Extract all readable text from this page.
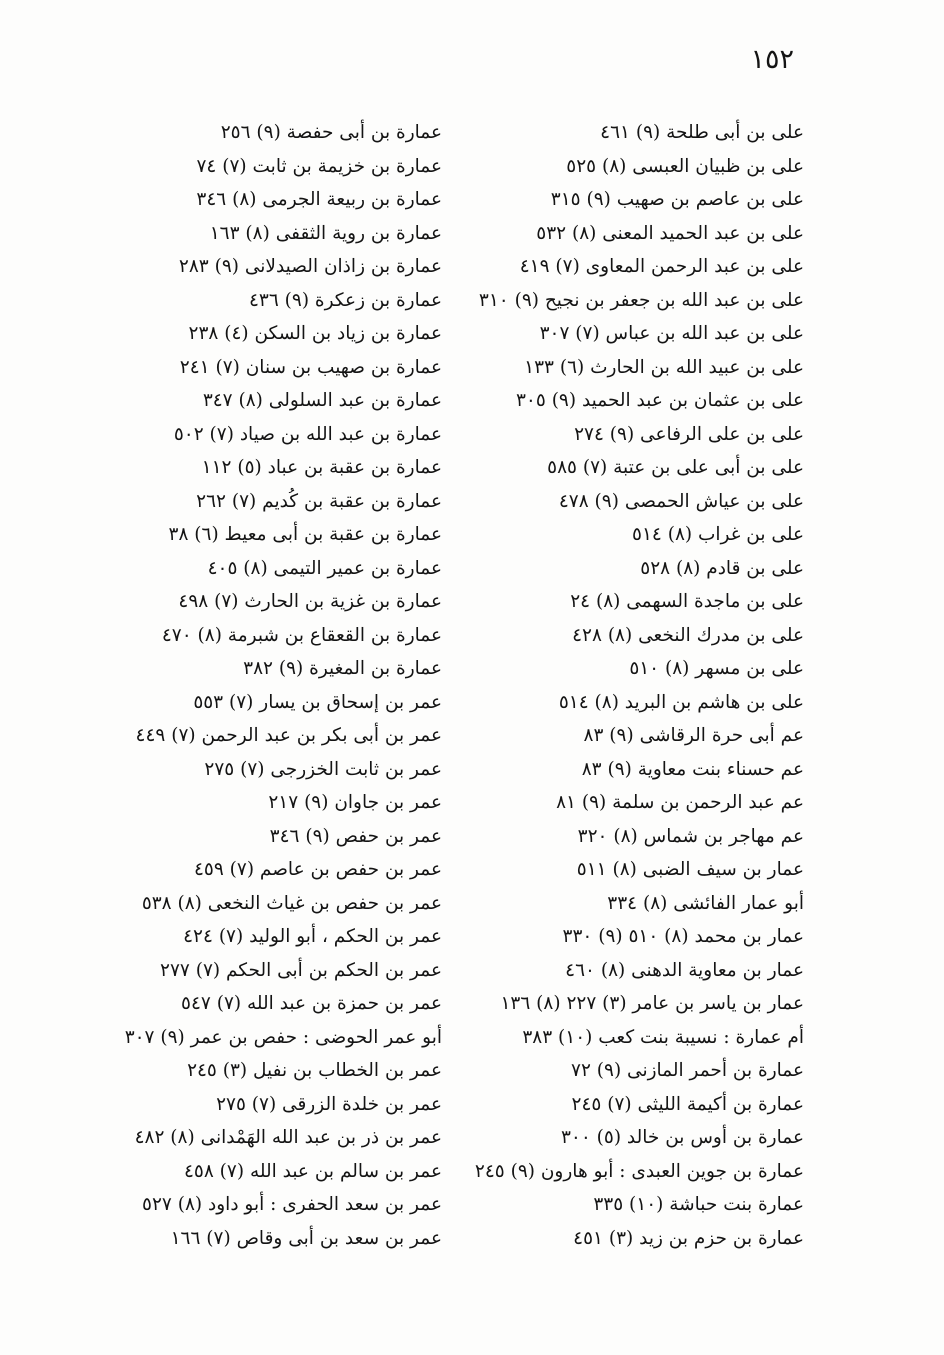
١٥٢
على بن أبى طلحة (٩) ٤٦١
على بن ظبيان العبسى (٨) ٥٢٥
على بن عاصم بن صهيب (٩) ٣١٥
على بن عبد الحميد المعنى (٨) ٥٣٢
على بن عبد الرحمن المعاوى (٧) ٤١٩
على بن عبد الله بن جعفر بن نجيح (٩) ٣١٠
على بن عبد الله بن عباس (٧) ٣٠٧
على بن عبيد الله بن الحارث (٦) ١٣٣
على بن عثمان بن عبد الحميد (٩) ٣٠٥
على بن على الرفاعى (٩) ٢٧٤
على بن أبى على بن عتبة (٧) ٥٨٥
على بن عياش الحمصى (٩) ٤٧٨
على بن غراب (٨) ٥١٤
على بن قادم (٨) ٥٢٨
على بن ماجدة السهمى (٨) ٢٤
على بن مدرك النخعى (٨) ٤٢٨
على بن مسهر (٨) ٥١٠
على بن هاشم بن البريد (٨) ٥١٤
عم أبى حرة الرقاشى (٩) ٨٣
عم حسناء بنت معاوية (٩) ٨٣
عم عبد الرحمن بن سلمة (٩) ٨١
عم مهاجر بن شماس (٨) ٣٢٠
عمار بن سيف الضبى (٨) ٥١١
أبو عمار الفائشى (٨) ٣٣٤
عمار بن محمد (٨) ٥١٠ (٩) ٣٣٠
عمار بن معاوية الدهنى (٨) ٤٦٠
عمار بن ياسر بن عامر (٣) ٢٢٧ (٨) ١٣٦
أم عمارة : نسيبة بنت كعب (١٠) ٣٨٣
عمارة بن أحمر المازنى (٩) ٧٢
عمارة بن أكيمة الليثى (٧) ٢٤٥
عمارة بن أوس بن خالد (٥) ٣٠٠
عمارة بن جوين العبدى : أبو هارون (٩) ٢٤٥
عمارة بنت حباشة (١٠) ٣٣٥
عمارة بن حزم بن زيد (٣) ٤٥١
عمارة بن أبى حفصة (٩) ٢٥٦
عمارة بن خزيمة بن ثابت (٧) ٧٤
عمارة بن ربيعة الجرمى (٨) ٣٤٦
عمارة بن روية الثقفى (٨) ١٦٣
عمارة بن زاذان الصيدلانى (٩) ٢٨٣
عمارة بن زعكرة (٩) ٤٣٦
عمارة بن زياد بن السكن (٤) ٢٣٨
عمارة بن صهيب بن سنان (٧) ٢٤١
عمارة بن عبد السلولى (٨) ٣٤٧
عمارة بن عبد الله بن صياد (٧) ٥٠٢
عمارة بن عقبة بن عباد (٥) ١١٢
عمارة بن عقبة بن كُديم (٧) ٢٦٢
عمارة بن عقبة بن أبى معيط (٦) ٣٨
عمارة بن عمير التيمى (٨) ٤٠٥
عمارة بن غزية بن الحارث (٧) ٤٩٨
عمارة بن القعقاع بن شبرمة (٨) ٤٧٠
عمارة بن المغيرة (٩) ٣٨٢
عمر بن إسحاق بن يسار (٧) ٥٥٣
عمر بن أبى بكر بن عبد الرحمن (٧) ٤٤٩
عمر بن ثابت الخزرجى (٧) ٢٧٥
عمر بن جاوان (٩) ٢١٧
عمر بن حفص (٩) ٣٤٦
عمر بن حفص بن عاصم (٧) ٤٥٩
عمر بن حفص بن غياث النخعى (٨) ٥٣٨
عمر بن الحكم ، أبو الوليد (٧) ٤٢٤
عمر بن الحكم بن أبى الحكم (٧) ٢٧٧
عمر بن حمزة بن عبد الله (٧) ٥٤٧
أبو عمر الحوضى : حفص بن عمر (٩) ٣٠٧
عمر بن الخطاب بن نفيل (٣) ٢٤٥
عمر بن خلدة الزرقى (٧) ٢٧٥
عمر بن ذر بن عبد الله الهَمْدانى (٨) ٤٨٢
عمر بن سالم بن عبد الله (٧) ٤٥٨
عمر بن سعد الحفرى : أبو داود (٨) ٥٢٧
عمر بن سعد بن أبى وقاص (٧) ١٦٦
